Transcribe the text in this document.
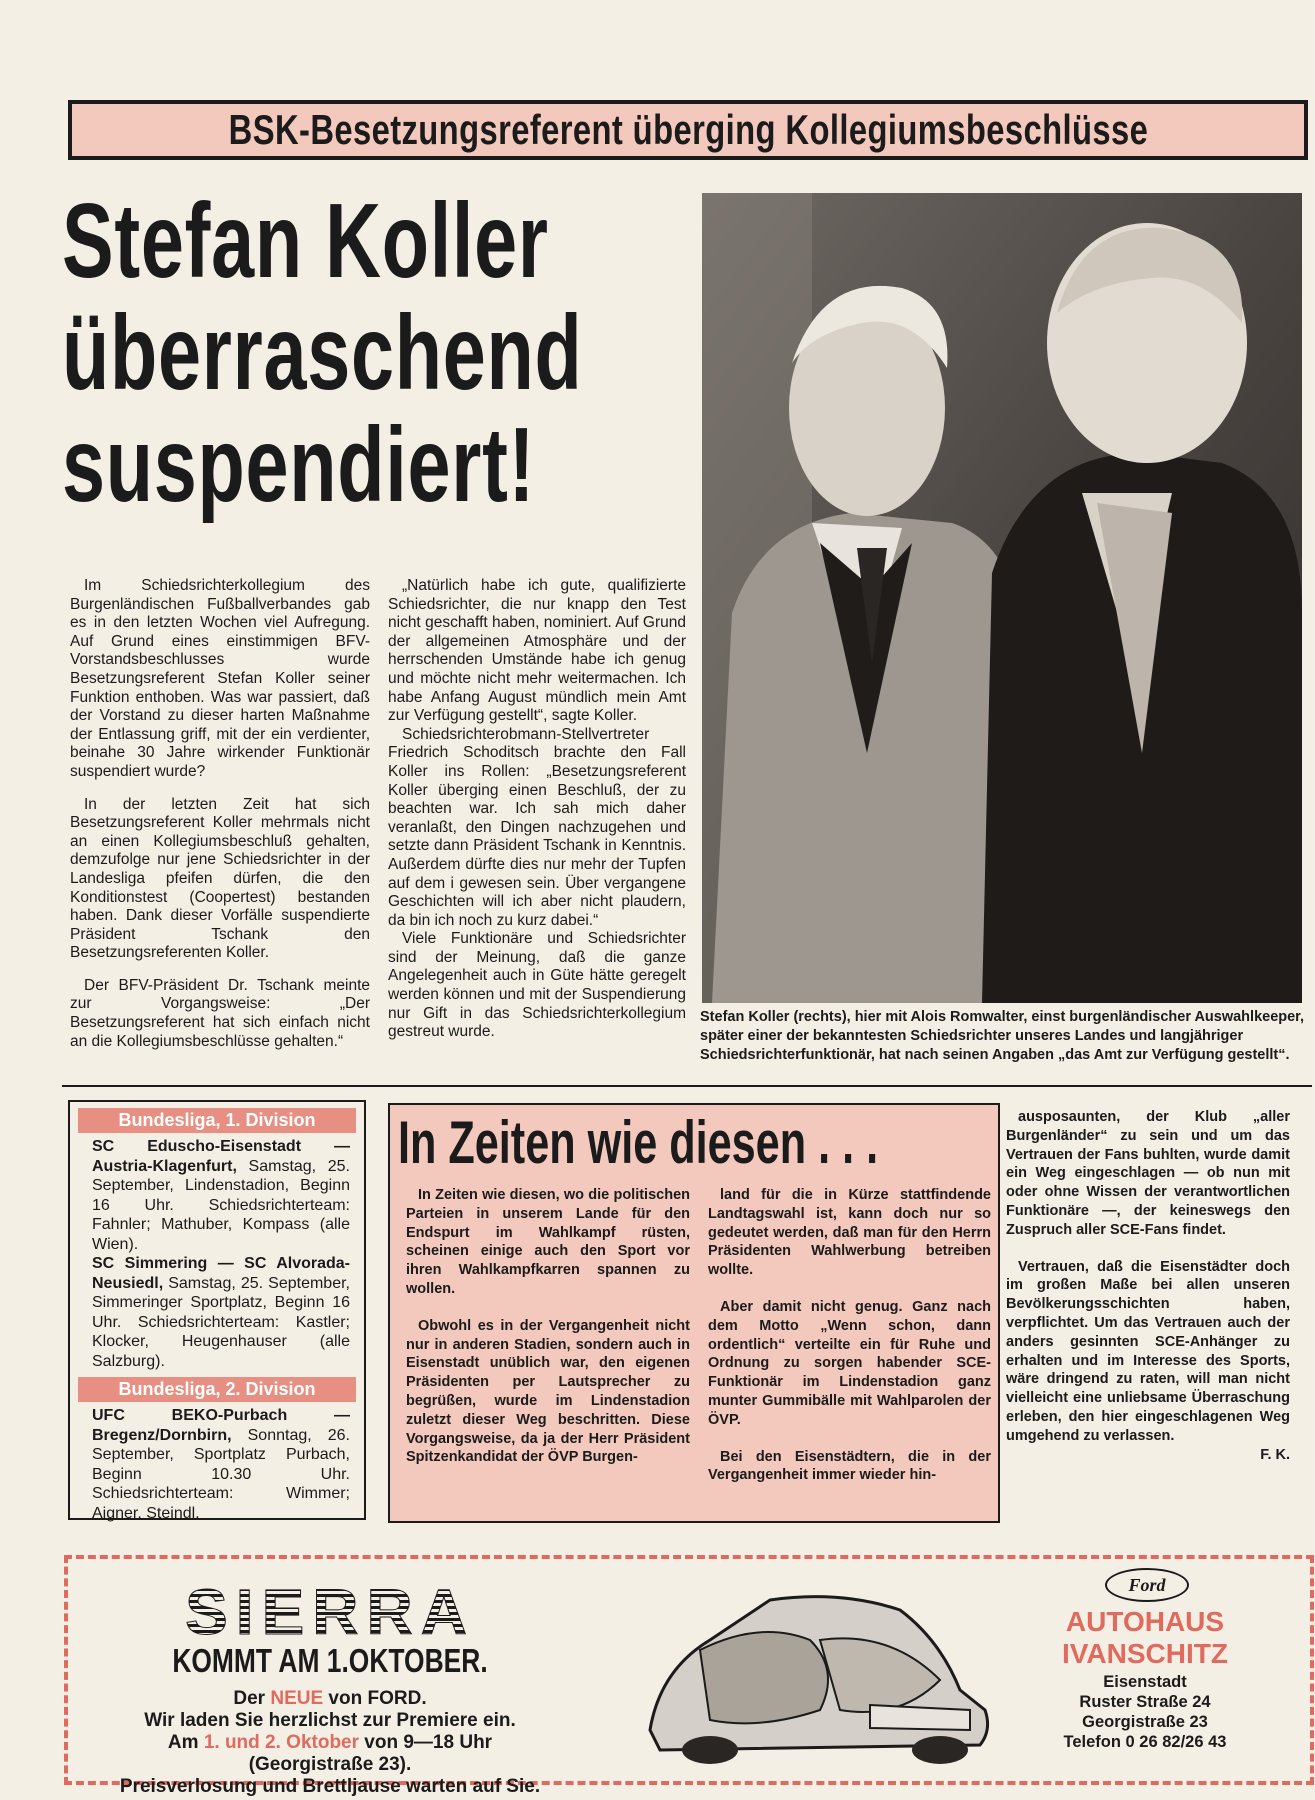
BSK-Besetzungsreferent überging Kollegiumsbeschlüsse
Stefan Koller
überraschend
suspendiert!

Im Schiedsrichterkollegium des Burgenländischen Fußballverbandes gab es in den letzten Wochen viel Aufregung. Auf Grund eines einstimmigen BFV-Vorstandsbeschlusses wurde Besetzungsreferent Stefan Koller seiner Funktion enthoben. Was war passiert, daß der Vorstand zu dieser harten Maßnahme der Entlassung griff, mit der ein verdienter, beinahe 30 Jahre wirkender Funktionär suspendiert wurde?

In der letzten Zeit hat sich Besetzungsreferent Koller mehrmals nicht an einen Kollegiumsbeschluß gehalten, demzufolge nur jene Schiedsrichter in der Landesliga pfeifen dürfen, die den Konditionstest (Coopertest) bestanden haben. Dank dieser Vorfälle suspendierte Präsident Tschank den Besetzungsreferenten Koller.

Der BFV-Präsident Dr. Tschank meinte zur Vorgangsweise: „Der Besetzungsreferent hat sich einfach nicht an die Kollegiumsbeschlüsse gehalten.“

„Natürlich habe ich gute, qualifizierte Schiedsrichter, die nur knapp den Test nicht geschafft haben, nominiert. Auf Grund der allgemeinen Atmosphäre und der herrschenden Umstände habe ich genug und möchte nicht mehr weitermachen. Ich habe Anfang August mündlich mein Amt zur Verfügung gestellt“, sagte Koller.

Schiedsrichterobmann-Stellvertreter Friedrich Schoditsch brachte den Fall Koller ins Rollen: „Besetzungsreferent Koller überging einen Beschluß, der zu beachten war. Ich sah mich daher veranlaßt, den Dingen nachzugehen und setzte dann Präsident Tschank in Kenntnis. Außerdem dürfte dies nur mehr der Tupfen auf dem i gewesen sein. Über vergangene Geschichten will ich aber nicht plaudern, da bin ich noch zu kurz dabei.“

Viele Funktionäre und Schiedsrichter sind der Meinung, daß die ganze Angelegenheit auch in Güte hätte geregelt werden können und mit der Suspendierung nur Gift in das Schiedsrichterkollegium gestreut wurde.

Stefan Koller (rechts), hier mit Alois Romwalter, einst burgenländischer Auswahlkeeper, später einer der bekanntesten Schiedsrichter unseres Landes und langjähriger Schiedsrichterfunktionär, hat nach seinen Angaben „das Amt zur Verfügung gestellt“.
Bundesliga, 1. Division
SC Eduscho-Eisenstadt — Austria-Klagenfurt, Samstag, 25. September, Lindenstadion, Beginn 16 Uhr. Schiedsrichterteam: Fahnler; Mathuber, Kompass (alle Wien).
SC Simmering — SC Alvorada-Neusiedl, Samstag, 25. September, Simmeringer Sportplatz, Beginn 16 Uhr. Schiedsrichterteam: Kastler; Klocker, Heugenhauser (alle Salzburg).
Bundesliga, 2. Division
UFC BEKO-Purbach — Bregenz/Dornbirn, Sonntag, 26. September, Sportplatz Purbach, Beginn 10.30 Uhr. Schiedsrichterteam: Wimmer; Aigner, Steindl.
In Zeiten wie diesen . . .

In Zeiten wie diesen, wo die politischen Parteien in unserem Lande für den Endspurt im Wahlkampf rüsten, scheinen einige auch den Sport vor ihren Wahlkampfkarren spannen zu wollen.

Obwohl es in der Vergangenheit nicht nur in anderen Stadien, sondern auch in Eisenstadt unüblich war, den eigenen Präsidenten per Lautsprecher zu begrüßen, wurde im Lindenstadion zuletzt dieser Weg beschritten. Diese Vorgangsweise, da ja der Herr Präsident Spitzenkandidat der ÖVP Burgen-

land für die in Kürze stattfindende Landtagswahl ist, kann doch nur so gedeutet werden, daß man für den Herrn Präsidenten Wahlwerbung betreiben wollte.

Aber damit nicht genug. Ganz nach dem Motto „Wenn schon, dann ordentlich“ verteilte ein für Ruhe und Ordnung zu sorgen habender SCE-Funktionär im Lindenstadion ganz munter Gummibälle mit Wahlparolen der ÖVP.

Bei den Eisenstädtern, die in der Vergangenheit immer wieder hin-

ausposaunten, der Klub „aller Burgenländer“ zu sein und um das Vertrauen der Fans buhlten, wurde damit ein Weg eingeschlagen — ob nun mit oder ohne Wissen der verantwortlichen Funktionäre —, der keineswegs den Zuspruch aller SCE-Fans findet.

Vertrauen, daß die Eisenstädter doch im großen Maße bei allen unseren Bevölkerungsschichten haben, verpflichtet. Um das Vertrauen auch der anders gesinnten SCE-Anhänger zu erhalten und im Interesse des Sports, wäre dringend zu raten, will man nicht vielleicht eine unliebsame Überraschung erleben, den hier eingeschlagenen Weg umgehend zu verlassen.

F. K.
SIERRA
KOMMT AM 1.OKTOBER.
Der NEUE von FORD.
Wir laden Sie herzlichst zur Premiere ein.
Am 1. und 2. Oktober von 9—18 Uhr
(Georgistraße 23).
Preisverlosung und Brettljause warten auf Sie.
Ford
AUTOHAUS
IVANSCHITZ
Eisenstadt
Ruster Straße 24
Georgistraße 23
Telefon 0 26 82/26 43
